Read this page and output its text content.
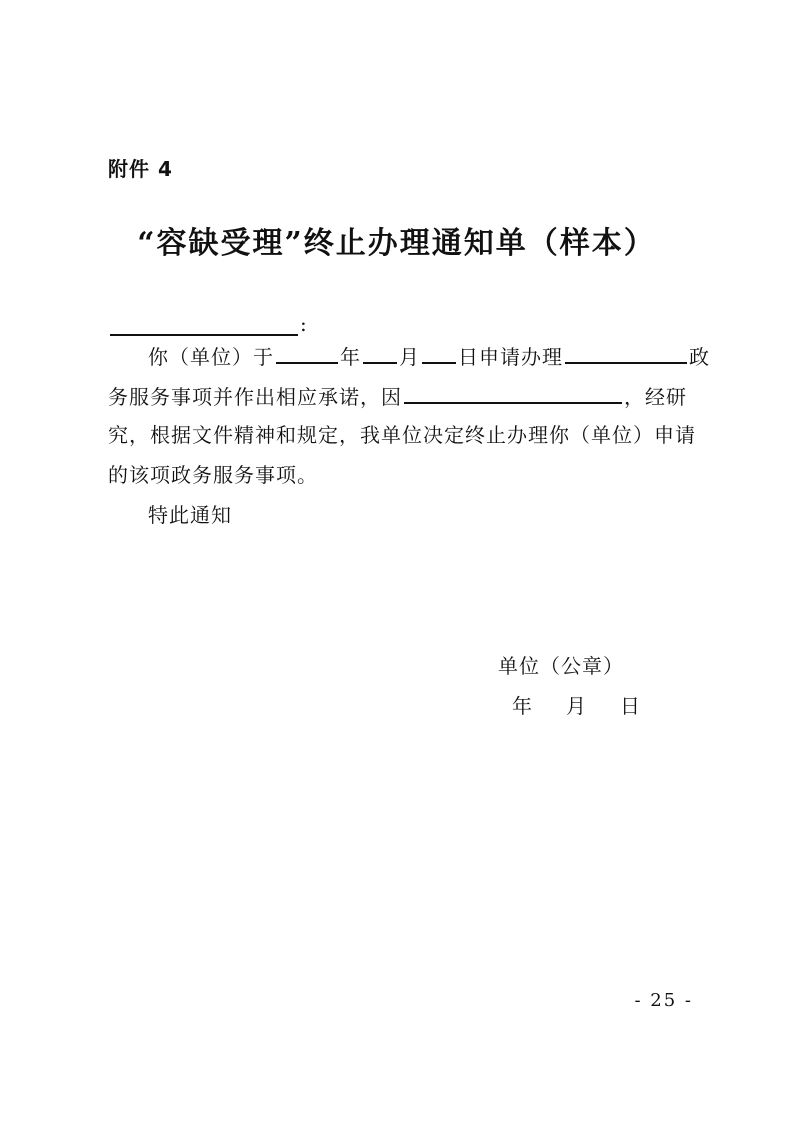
附件 4
“容缺受理”终止办理通知单（样本）
:
你（单位）于	年 月 日申请办理	政
务服务事项并作出相应承诺，因	，经研
究，根据文件精神和规定，我单位决定终止办理你（单位）申请
的该项政务服务事项。
特此通知
单位（公章）
年 月 日
- 25 -
